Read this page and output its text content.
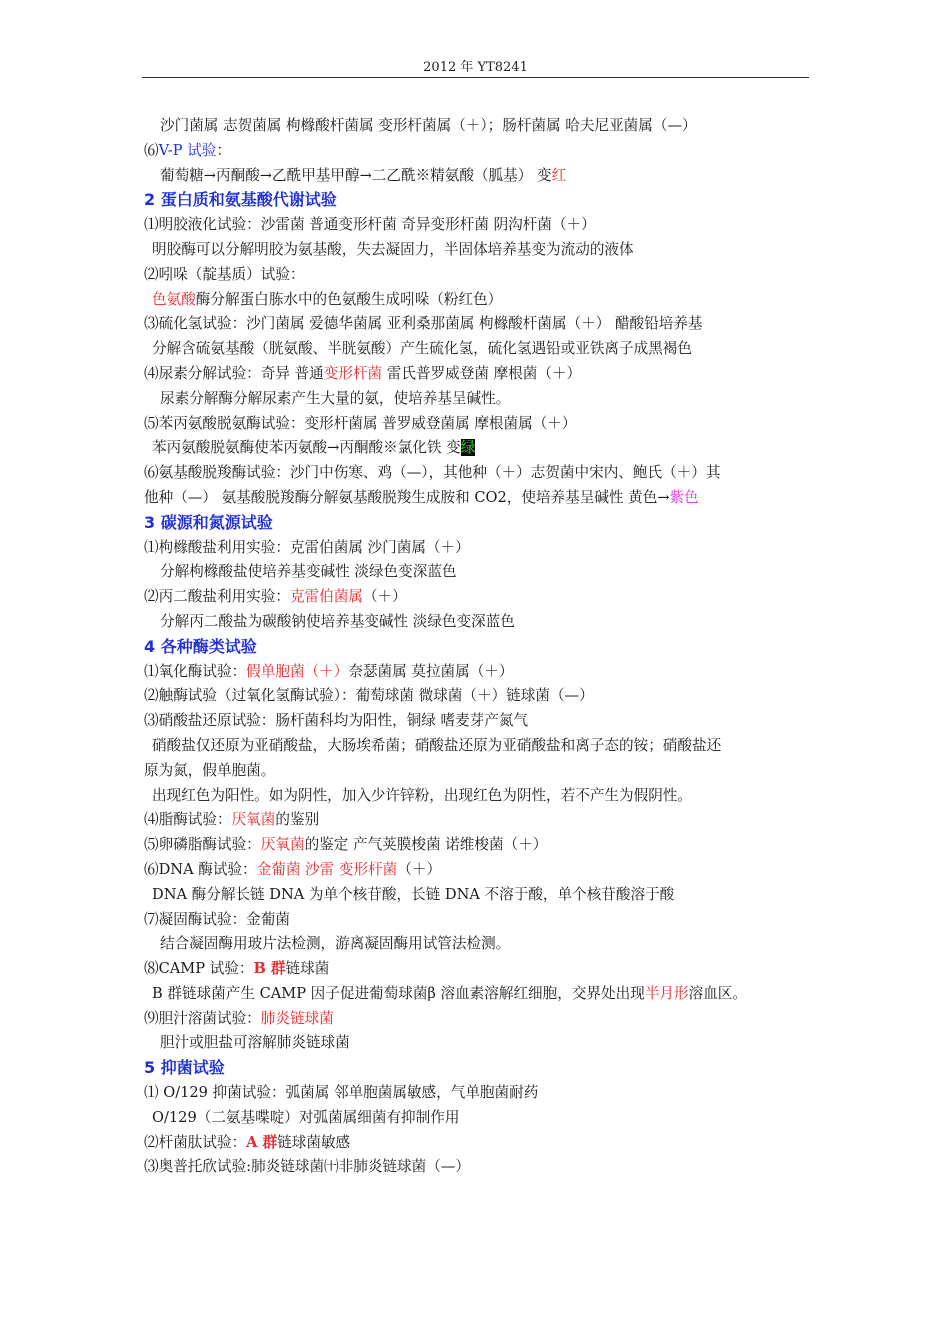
2012 年 YT8241
沙门菌属 志贺菌属 枸橼酸杆菌属 变形杆菌属（＋）；肠杆菌属 哈夫尼亚菌属（—）
⑹V-P 试验：
葡萄糖→丙酮酸→乙酰甲基甲醇→二乙酰※精氨酸（胍基） 变红
2 蛋白质和氨基酸代谢试验
⑴明胶液化试验：沙雷菌 普通变形杆菌 奇异变形杆菌 阴沟杆菌（＋）
明胶酶可以分解明胶为氨基酸，失去凝固力，半固体培养基变为流动的液体
⑵吲哚（靛基质）试验：
色氨酸酶分解蛋白胨水中的色氨酸生成吲哚（粉红色）
⑶硫化氢试验：沙门菌属 爱德华菌属 亚利桑那菌属 枸橼酸杆菌属（＋） 醋酸铅培养基
分解含硫氨基酸（胱氨酸、半胱氨酸）产生硫化氢，硫化氢遇铅或亚铁离子成黑褐色
⑷尿素分解试验：奇异 普通变形杆菌 雷氏普罗威登菌 摩根菌（＋）
尿素分解酶分解尿素产生大量的氨，使培养基呈碱性。
⑸苯丙氨酸脱氨酶试验：变形杆菌属 普罗威登菌属 摩根菌属（＋）
苯丙氨酸脱氨酶使苯丙氨酸→丙酮酸※氯化铁 变绿
⑹氨基酸脱羧酶试验：沙门中伤寒、鸡（—），其他种（＋）志贺菌中宋内、鲍氏（＋）其
他种（—） 氨基酸脱羧酶分解氨基酸脱羧生成胺和 CO2，使培养基呈碱性 黄色→紫色
3 碳源和氮源试验
⑴枸橼酸盐利用实验：克雷伯菌属 沙门菌属（＋）
分解枸橼酸盐使培养基变碱性 淡绿色变深蓝色
⑵丙二酸盐利用实验：克雷伯菌属（＋）
分解丙二酸盐为碳酸钠使培养基变碱性 淡绿色变深蓝色
4 各种酶类试验
⑴氧化酶试验：假单胞菌（＋）奈瑟菌属 莫拉菌属（＋）
⑵触酶试验（过氧化氢酶试验）：葡萄球菌 微球菌（＋）链球菌（—）
⑶硝酸盐还原试验：肠杆菌科均为阳性，铜绿 嗜麦芽产氮气
硝酸盐仅还原为亚硝酸盐，大肠埃希菌；硝酸盐还原为亚硝酸盐和离子态的铵；硝酸盐还
原为氮，假单胞菌。
出现红色为阳性。如为阴性，加入少许锌粉，出现红色为阴性，若不产生为假阴性。
⑷脂酶试验：厌氧菌的鉴别
⑸卵磷脂酶试验：厌氧菌的鉴定 产气荚膜梭菌 诺维梭菌（＋）
⑹DNA 酶试验：金葡菌 沙雷 变形杆菌（＋）
DNA 酶分解长链 DNA 为单个核苷酸，长链 DNA 不溶于酸，单个核苷酸溶于酸
⑺凝固酶试验：金葡菌
结合凝固酶用玻片法检测，游离凝固酶用试管法检测。
⑻CAMP 试验：B 群链球菌
B 群链球菌产生 CAMP 因子促进葡萄球菌β 溶血素溶解红细胞，交界处出现半月形溶血区。
⑼胆汁溶菌试验：肺炎链球菌
胆汁或胆盐可溶解肺炎链球菌
5 抑菌试验
⑴ O/129 抑菌试验：弧菌属 邻单胞菌属敏感，气单胞菌耐药
O/129（二氨基喋啶）对弧菌属细菌有抑制作用
⑵杆菌肽试验：A 群链球菌敏感
⑶奥普托欣试验:肺炎链球菌㈩非肺炎链球菌（—）
